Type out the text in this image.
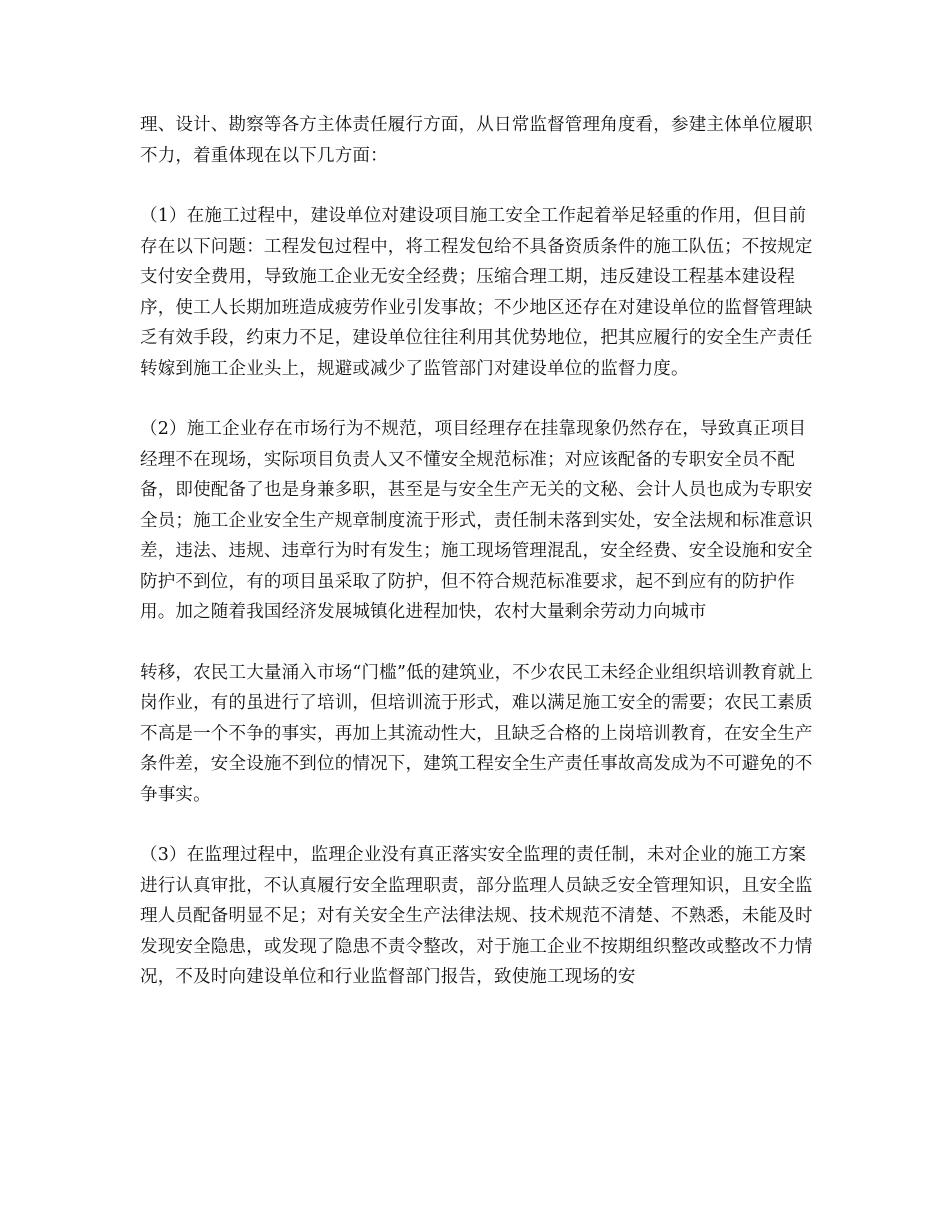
理、设计、勘察等各方主体责任履行方面，从日常监督管理角度看，参建主体单位履职不力，着重体现在以下几方面：

（1）在施工过程中，建设单位对建设项目施工安全工作起着举足轻重的作用，但目前存在以下问题：工程发包过程中，将工程发包给不具备资质条件的施工队伍；不按规定支付安全费用，导致施工企业无安全经费；压缩合理工期，违反建设工程基本建设程序，使工人长期加班造成疲劳作业引发事故；不少地区还存在对建设单位的监督管理缺乏有效手段，约束力不足，建设单位往往利用其优势地位，把其应履行的安全生产责任转嫁到施工企业头上，规避或减少了监管部门对建设单位的监督力度。

（2）施工企业存在市场行为不规范，项目经理存在挂靠现象仍然存在，导致真正项目经理不在现场，实际项目负责人又不懂安全规范标准；对应该配备的专职安全员不配备，即使配备了也是身兼多职，甚至是与安全生产无关的文秘、会计人员也成为专职安全员；施工企业安全生产规章制度流于形式，责任制未落到实处，安全法规和标准意识差，违法、违规、违章行为时有发生；施工现场管理混乱，安全经费、安全设施和安全防护不到位，有的项目虽采取了防护，但不符合规范标准要求，起不到应有的防护作用。加之随着我国经济发展城镇化进程加快，农村大量剩余劳动力向城市

转移，农民工大量涌入市场“门槛”低的建筑业，不少农民工未经企业组织培训教育就上岗作业，有的虽进行了培训，但培训流于形式，难以满足施工安全的需要；农民工素质不高是一个不争的事实，再加上其流动性大，且缺乏合格的上岗培训教育，在安全生产条件差，安全设施不到位的情况下，建筑工程安全生产责任事故高发成为不可避免的不争事实。

（3）在监理过程中，监理企业没有真正落实安全监理的责任制，未对企业的施工方案进行认真审批，不认真履行安全监理职责，部分监理人员缺乏安全管理知识，且安全监理人员配备明显不足；对有关安全生产法律法规、技术规范不清楚、不熟悉，未能及时发现安全隐患，或发现了隐患不责令整改，对于施工企业不按期组织整改或整改不力情况，不及时向建设单位和行业监督部门报告，致使施工现场的安
